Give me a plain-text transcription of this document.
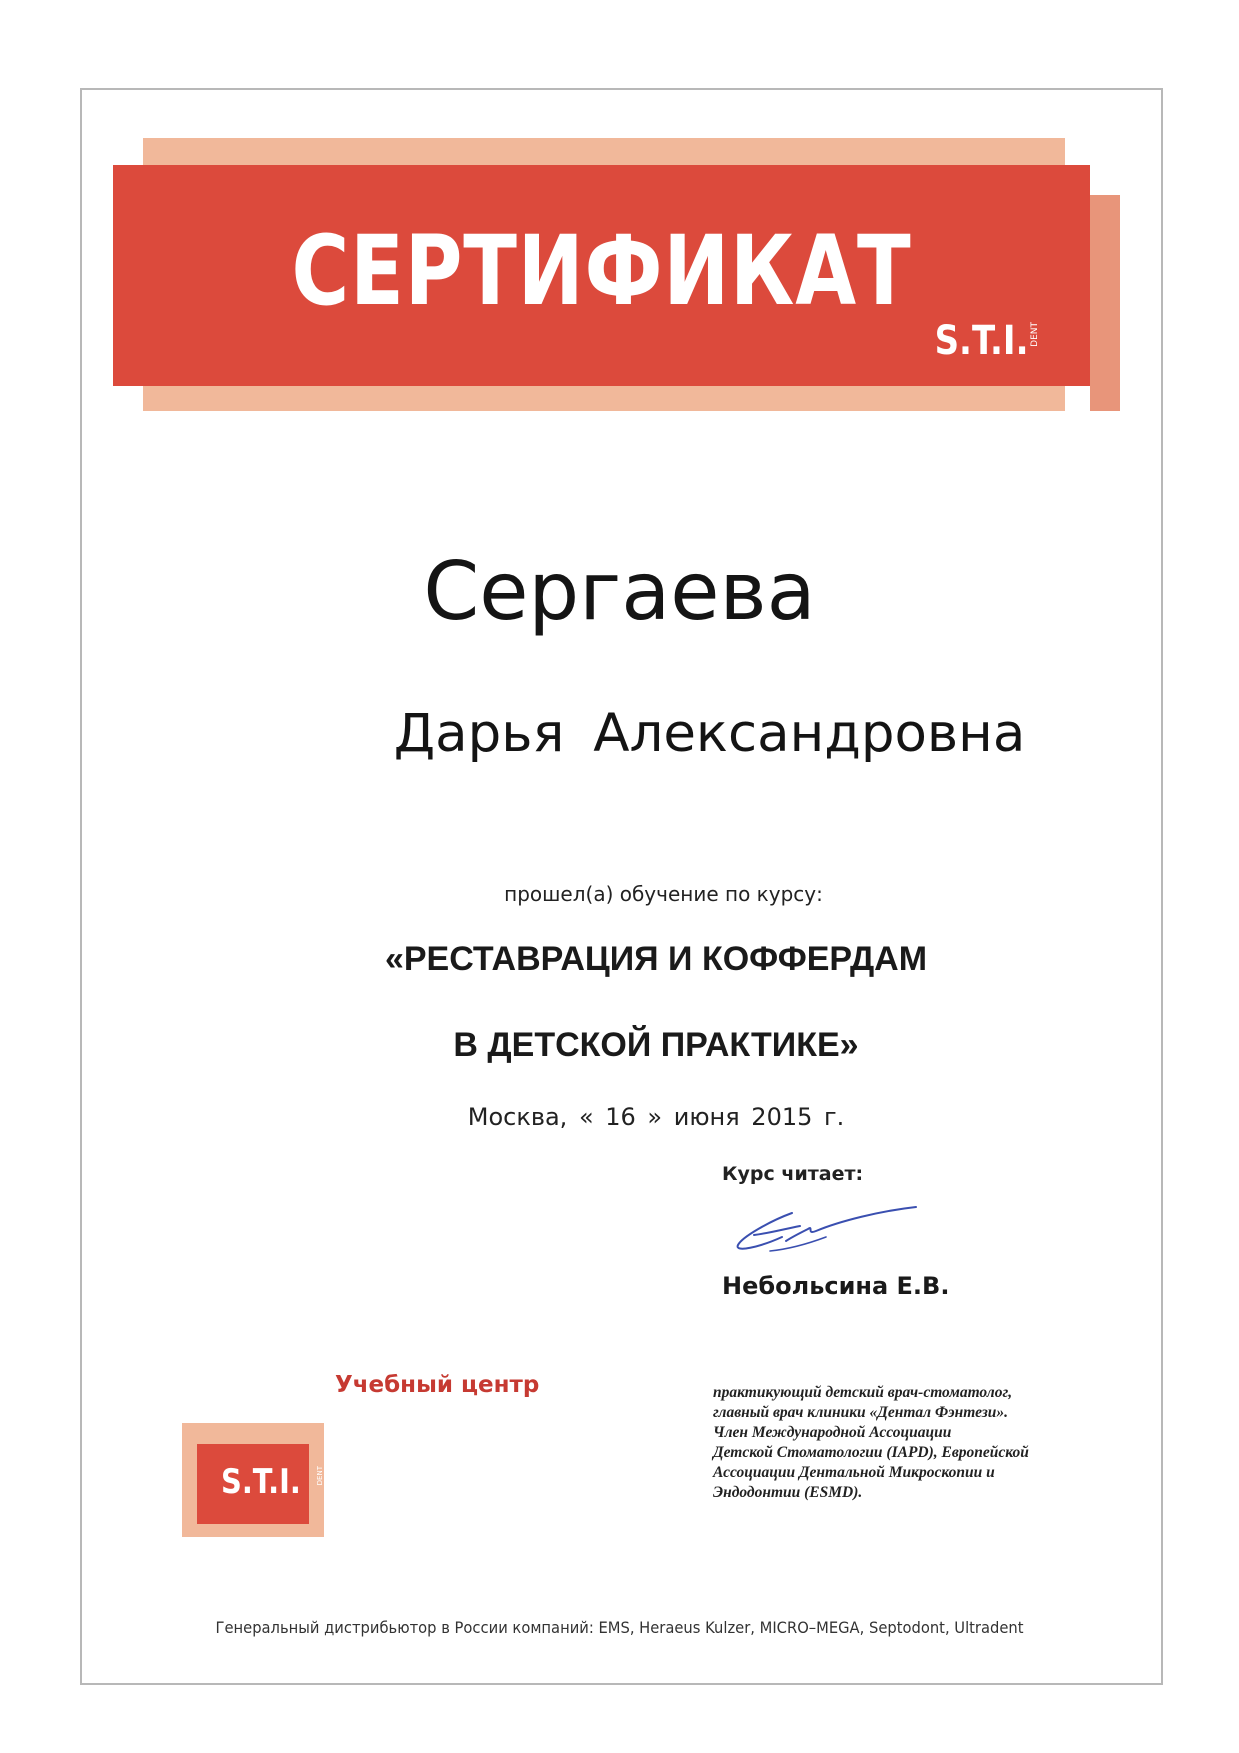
СЕРТИФИКАТ
S.T.I. DENT
Сергаева
Дарья Александровна
прошел(а) обучение по курсу:
«РЕСТАВРАЦИЯ И КОФФЕРДАМ
В ДЕТСКОЙ ПРАКТИКЕ»
Москва, « 16 » июня 2015 г.
Курс читает:
Небольсина Е.В.
Учебный центр
S.T.I. DENT
практикующий детский врач-стоматолог,
главный врач клиники «Дентал Фэнтези».
Член Международной Ассоциации
Детской Стоматологии (IAPD), Европейской
Ассоциации Дентальной Микроскопии и
Эндодонтии (ESMD).
Генеральный дистрибьютор в России компаний: EMS, Heraeus Kulzer, MICRO–MEGA, Septodont, Ultradent
